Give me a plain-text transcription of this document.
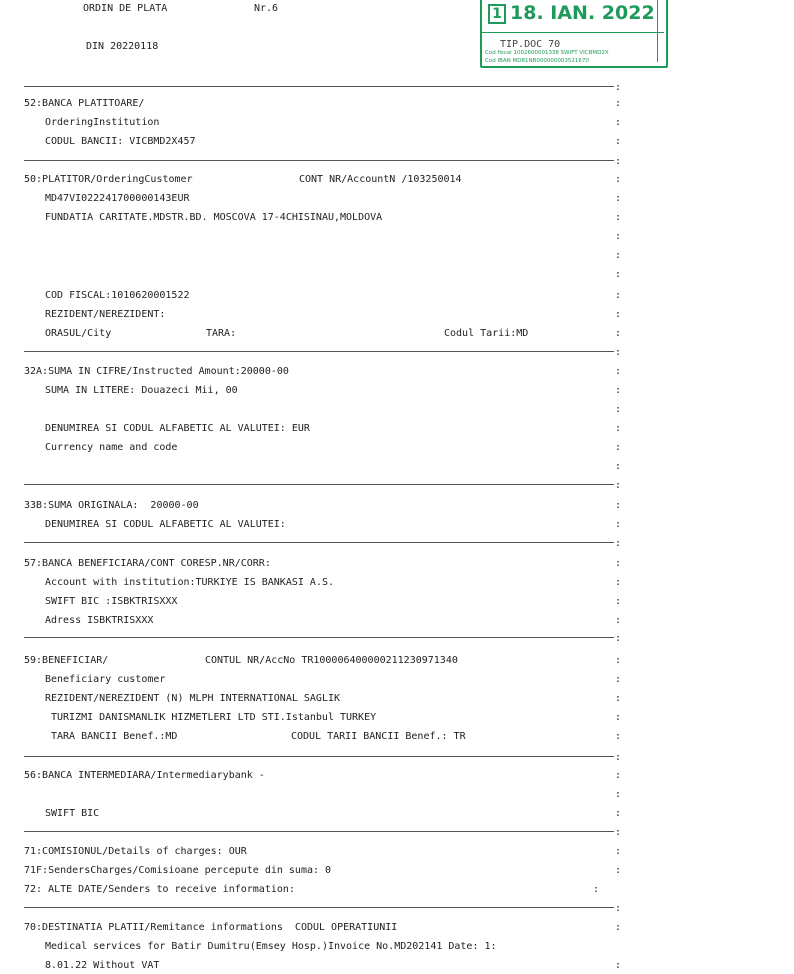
ORDIN DE PLATA	Nr.6
DIN 20220118
1 18. IAN. 2022
TIP.DOC 70
Cod fiscal 1002600001338 SWIFT VICBMD2X
Cod IBAN MD81NB000000003521670
:
52:BANCA PLATITOARE/	:
OrderingInstitution	:
CODUL BANCII: VICBMD2X457	:
:
50:PLATITOR/OrderingCustomer	CONT NR/AccountN /103250014	:
MD47VI022241700000143EUR	:
FUNDATIA CARITATE.MDSTR.BD. MOSCOVA 17-4CHISINAU,MOLDOVA	:
:
:
:
COD FISCAL:1010620001522	:
REZIDENT/NEREZIDENT:	:
ORASUL/City	TARA:	Codul Tarii:MD	:
:
32A:SUMA IN CIFRE/Instructed Amount:20000-00	:
SUMA IN LITERE: Douazeci Mii, 00	:
:
DENUMIREA SI CODUL ALFABETIC AL VALUTEI: EUR	:
Currency name and code	:
:
:
33B:SUMA ORIGINALA:  20000-00	:
DENUMIREA SI CODUL ALFABETIC AL VALUTEI:	:
:
57:BANCA BENEFICIARA/CONT CORESP.NR/CORR:	:
Account with institution:TURKIYE IS BANKASI A.S.	:
SWIFT BIC :ISBKTRISXXX	:
Adress ISBKTRISXXX	:
:
59:BENEFICIAR/	CONTUL NR/AccNo TR100006400000211230971340	:
Beneficiary customer	:
REZIDENT/NEREZIDENT (N) MLPH INTERNATIONAL SAGLIK	:
TURIZMI DANISMANLIK HIZMETLERI LTD STI.Istanbul TURKEY	:
TARA BANCII Benef.:MD	CODUL TARII BANCII Benef.: TR	:
:
56:BANCA INTERMEDIARA/Intermediarybank -	:
:
SWIFT BIC	:
:
71:COMISIONUL/Details of charges: OUR	:
71F:SendersCharges/Comisioane percepute din suma: 0	:
72: ALTE DATE/Senders to receive information:	:
:
70:DESTINATIA PLATII/Remitance informations  CODUL OPERATIUNII	:
Medical services for Batir Dumitru(Emsey Hosp.)Invoice No.MD202141 Date: 1:
8.01.22 Without VAT	:
